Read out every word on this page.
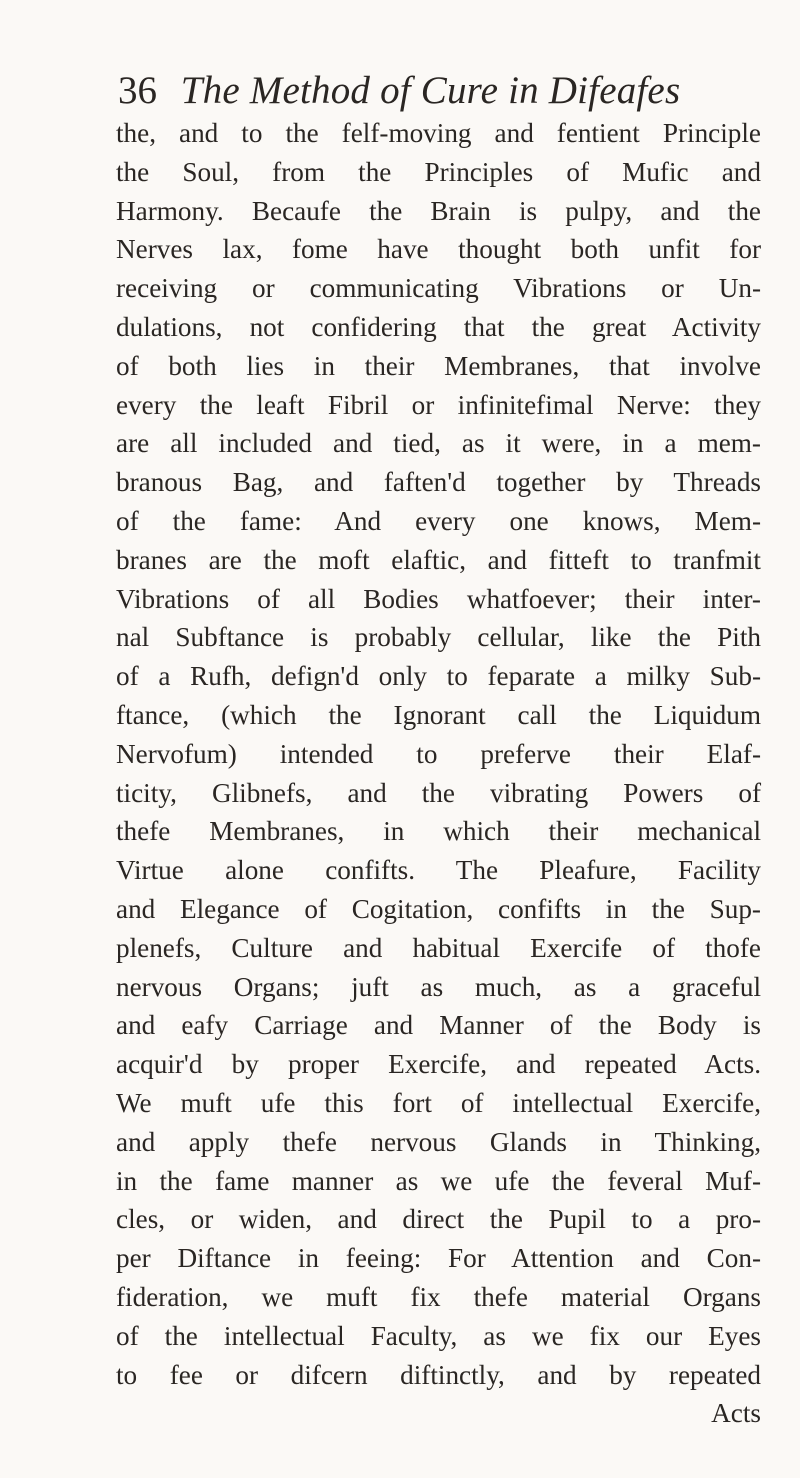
36 The Method of Cure in Difeafes
the, and to the felf-moving and fentient Principle
the Soul, from the Principles of Mufic and
Harmony. Becaufe the Brain is pulpy, and the
Nerves lax, fome have thought both unfit for
receiving or communicating Vibrations or Un-
dulations, not confidering that the great Activity
of both lies in their Membranes, that involve
every the leaft Fibril or infinitefimal Nerve: they
are all included and tied, as it were, in a mem-
branous Bag, and faften'd together by Threads
of the fame: And every one knows, Mem-
branes are the moft elaftic, and fitteft to tranfmit
Vibrations of all Bodies whatfoever; their inter-
nal Subftance is probably cellular, like the Pith
of a Rufh, defign'd only to feparate a milky Sub-
ftance, (which the Ignorant call the Liquidum
Nervofum) intended to preferve their Elaf-
ticity, Glibnefs, and the vibrating Powers of
thefe Membranes, in which their mechanical
Virtue alone confifts. The Pleafure, Facility
and Elegance of Cogitation, confifts in the Sup-
plenefs, Culture and habitual Exercife of thofe
nervous Organs; juft as much, as a graceful
and eafy Carriage and Manner of the Body is
acquir'd by proper Exercife, and repeated Acts.
We muft ufe this fort of intellectual Exercife,
and apply thefe nervous Glands in Thinking,
in the fame manner as we ufe the feveral Muf-
cles, or widen, and direct the Pupil to a pro-
per Diftance in feeing: For Attention and Con-
fideration, we muft fix thefe material Organs
of the intellectual Faculty, as we fix our Eyes
to fee or difcern diftinctly, and by repeated
Acts
